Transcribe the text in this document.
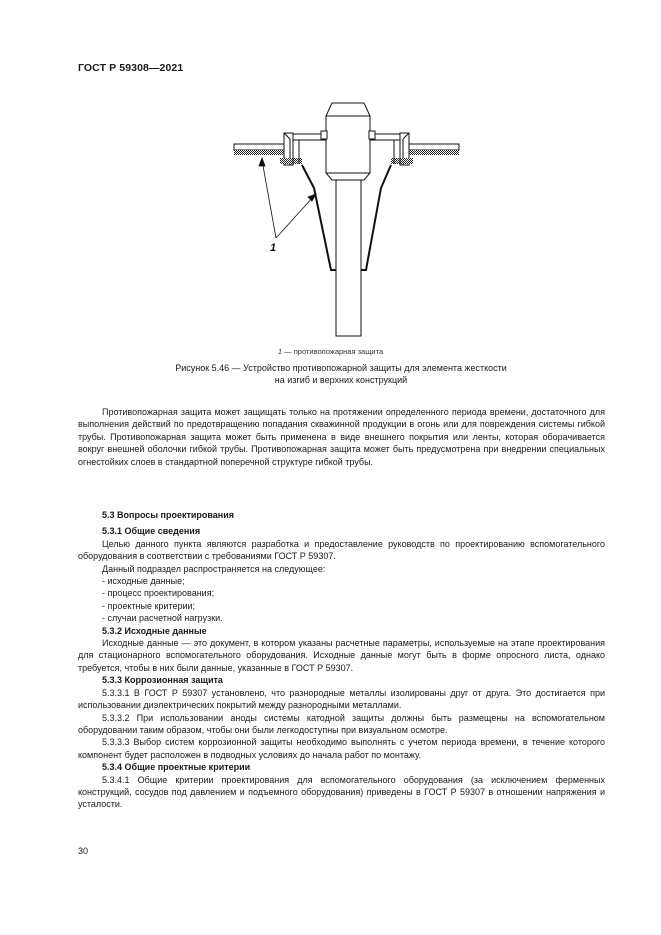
ГОСТ Р 59308—2021
1
1 — противопожарная защита
Рисунок 5.46 — Устройство противопожарной защиты для элемента жесткости
на изгиб и верхних конструкций

Противопожарная защита может защищать только на протяжении определенного периода времени, достаточного для выполнения действий по предотвращению попадания скважинной продукции в огонь или для повреждения системы гибкой трубы. Противопожарная защита может быть применена в виде внешнего покрытия или ленты, которая оборачивается вокруг внешней оболочки гибкой трубы. Противопожарная защита может быть предусмотрена при внедрении специальных огнестойких слоев в стандартной поперечной структуре гибкой трубы.

5.3 Вопросы проектирования

5.3.1 Общие сведения

Целью данного пункта являются разработка и предоставление руководств по проектированию вспомогательного оборудования в соответствии с требованиями ГОСТ Р 59307.

Данный подраздел распространяется на следующее:

- исходные данные;

- процесс проектирования;

- проектные критерии;

- случаи расчетной нагрузки.

5.3.2 Исходные данные

Исходные данные — это документ, в котором указаны расчетные параметры, используемые на этапе проектирования для стационарного вспомогательного оборудования. Исходные данные могут быть в форме опросного листа, однако требуется, чтобы в них были данные, указанные в ГОСТ Р 59307.

5.3.3 Коррозионная защита

5.3.3.1 В ГОСТ Р 59307 установлено, что разнородные металлы изолированы друг от друга. Это достигается при использовании диэлектрических покрытий между разнородными металлами.

5.3.3.2 При использовании аноды системы катодной защиты должны быть размещены на вспомогательном оборудовании таким образом, чтобы они были легкодоступны при визуальном осмотре.

5.3.3.3 Выбор систем коррозионной защиты необходимо выполнять с учетом периода времени, в течение которого компонент будет расположен в подводных условиях до начала работ по монтажу.

5.3.4 Общие проектные критерии

5.3.4.1 Общие критерии проектирования для вспомогательного оборудования (за исключением ферменных конструкций, сосудов под давлением и подъемного оборудования) приведены в ГОСТ Р 59307 в отношении напряжения и усталости.

30
